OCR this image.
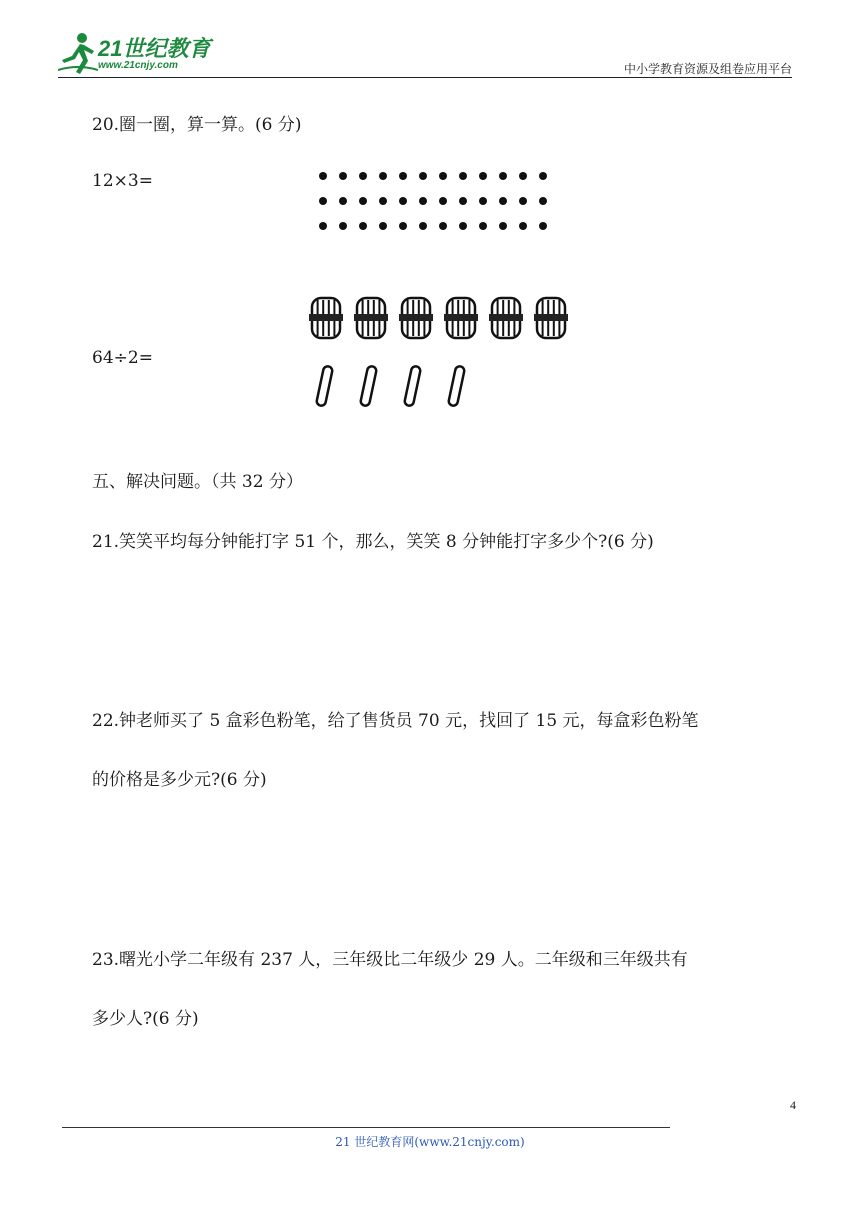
21世纪教育
www.21cnjy.com	中小学教育资源及组卷应用平台
20.圈一圈，算一算。(6 分)
12×3=
64÷2=
五、解决问题。（共 32 分）
21.笑笑平均每分钟能打字 51 个，那么，笑笑 8 分钟能打字多少个?(6 分)
22.钟老师买了 5 盒彩色粉笔，给了售货员 70 元，找回了 15 元，每盒彩色粉笔
的价格是多少元?(6 分)
23.曙光小学二年级有 237 人，三年级比二年级少 29 人。二年级和三年级共有
多少人?(6 分)
4
21 世纪教育网(www.21cnjy.com)
